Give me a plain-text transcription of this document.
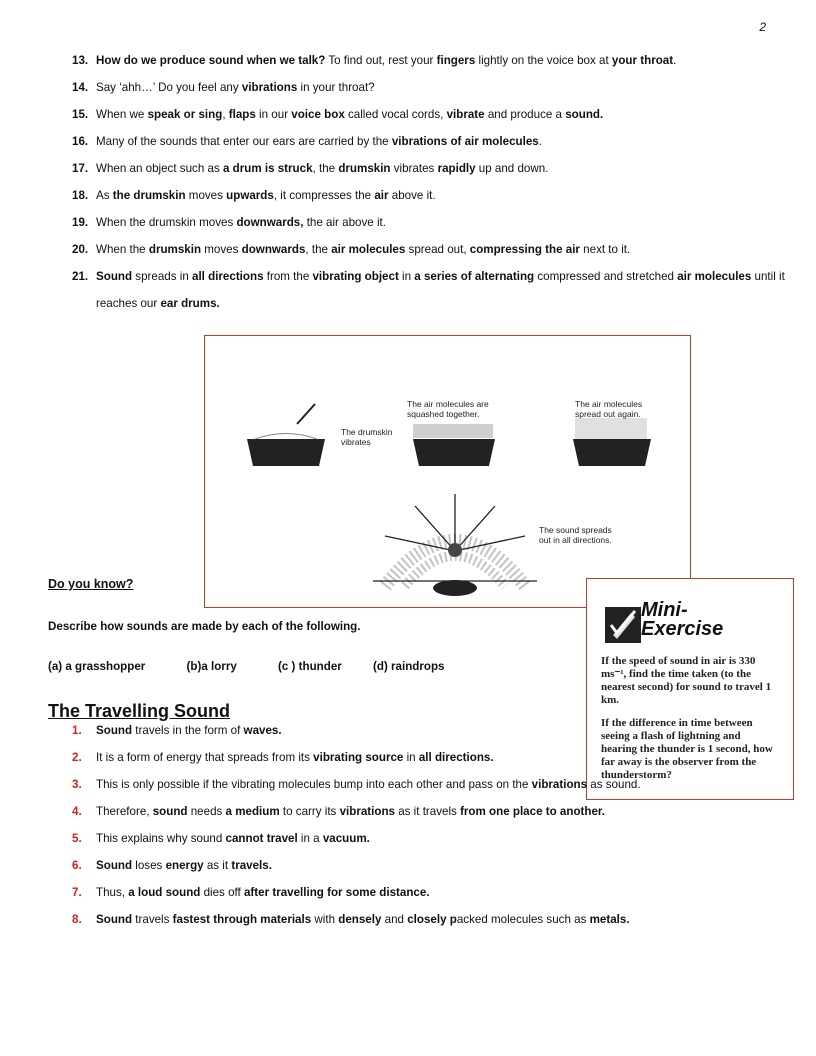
2
13. How do we produce sound when we talk? To find out, rest your fingers lightly on the voice box at your throat.
14. Say ‘ahh…’ Do you feel any vibrations in your throat?
15. When we speak or sing, flaps in our voice box called vocal cords, vibrate and produce a sound.
16. Many of the sounds that enter our ears are carried by the vibrations of air molecules.
17. When an object such as a drum is struck, the drumskin vibrates rapidly up and down.
18. As the drumskin moves upwards, it compresses the air above it.
19. When the drumskin moves downwards, the air above it.
20. When the drumskin moves downwards, the air molecules spread out, compressing the air next to it.
21. Sound spreads in all directions from the vibrating object in a series of alternating compressed and stretched air molecules until it reaches our ear drums.
The drumskin
vibrates
The air molecules are
squashed together.
The air molecules
spread out again.
The sound spreads
out in all directions.
Do you know?
Describe how sounds are made by each of the following.
(a) a grasshopper	(b)a lorry	(c ) thunder	(d) raindrops
Mini-
Exercise

If the speed of sound in air is 330 ms⁻¹, find the time taken (to the nearest second) for sound to travel 1 km.

If the difference in time between seeing a flash of lightning and hearing the thunder is 1 second, how far away is the observer from the thunderstorm?

The Travelling Sound
1. Sound travels in the form of waves.
2. It is a form of energy that spreads from its vibrating source in all directions.
3. This is only possible if the vibrating molecules bump into each other and pass on the vibrations as sound.
4. Therefore, sound needs a medium to carry its vibrations as it travels from one place to another.
5. This explains why sound cannot travel in a vacuum.
6. Sound loses energy as it travels.
7. Thus, a loud sound dies off after travelling for some distance.
8. Sound travels fastest through materials with densely and closely packed molecules such as metals.
